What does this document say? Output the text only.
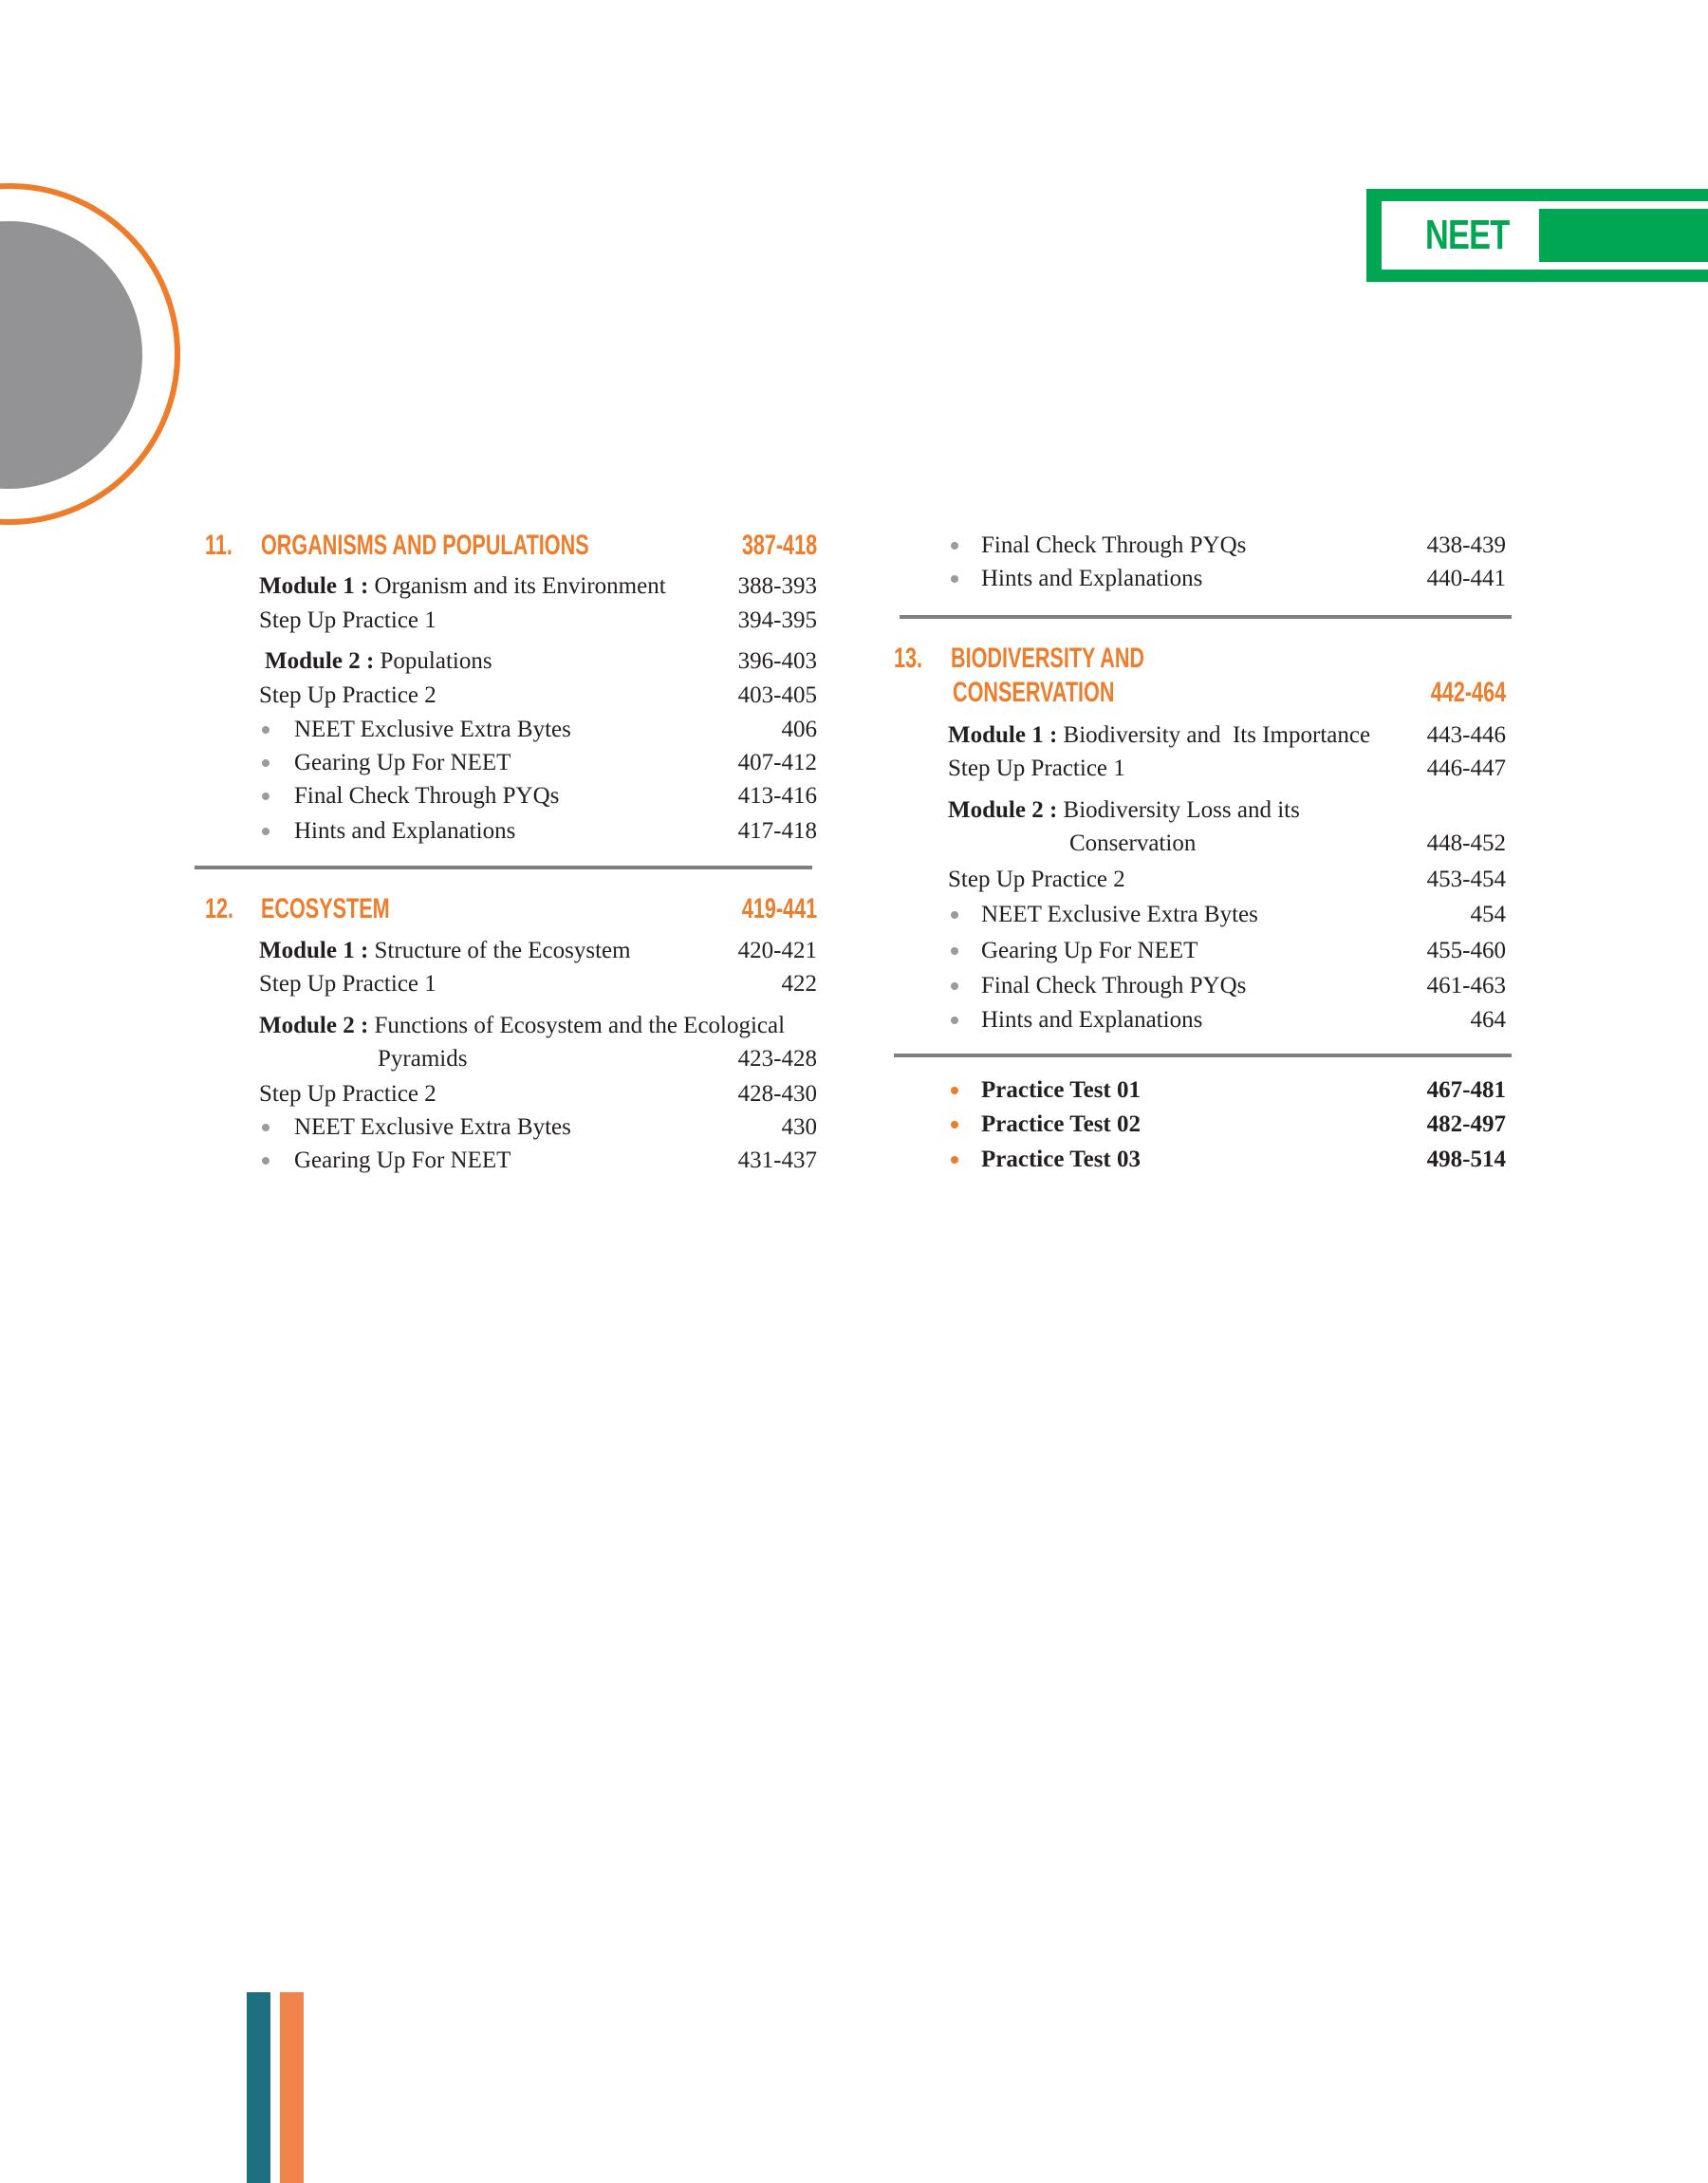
NEET
11. ORGANISMS AND POPULATIONS	387-418
Module 1 : Organism and its Environment	388-393
Step Up Practice 1	394-395
Module 2 : Populations	396-403
Step Up Practice 2	403-405
NEET Exclusive Extra Bytes	406
Gearing Up For NEET	407-412
Final Check Through PYQs	413-416
Hints and Explanations	417-418
12. ECOSYSTEM	419-441
Module 1 : Structure of the Ecosystem	420-421
Step Up Practice 1	422
Module 2 : Functions of Ecosystem and the Ecological
Pyramids	423-428
Step Up Practice 2	428-430
NEET Exclusive Extra Bytes	430
Gearing Up For NEET	431-437
Final Check Through PYQs	438-439
Hints and Explanations	440-441
13. BIODIVERSITY AND
CONSERVATION	442-464
Module 1 : Biodiversity and  Its Importance 443-446
Step Up Practice 1	446-447
Module 2 : Biodiversity Loss and its
Conservation	448-452
Step Up Practice 2	453-454
NEET Exclusive Extra Bytes	454
Gearing Up For NEET	455-460
Final Check Through PYQs	461-463
Hints and Explanations	464
Practice Test 01	467-481
Practice Test 02	482-497
Practice Test 03	498-514
